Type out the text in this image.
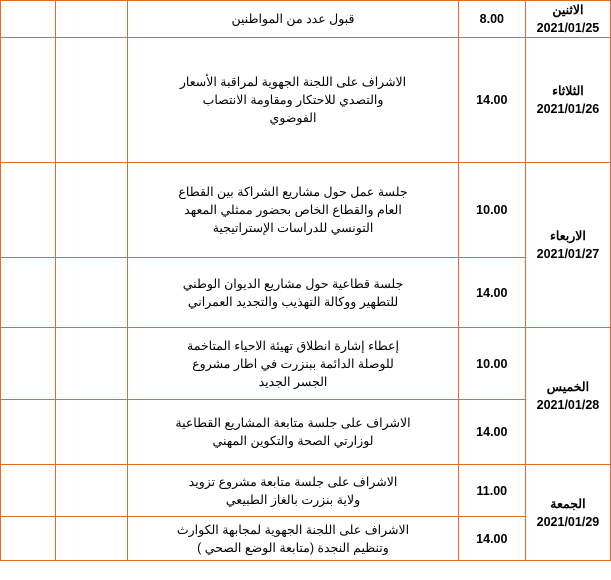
الاثنين
2021/01/25	8.00	قبول عدد من المواطنين		

الثلاثاء
2021/01/26	14.00	الاشراف على اللجنة الجهوية لمراقبة الأسعار
والتصدي للاحتكار ومقاومة الانتصاب
الفوضوي		

الاربعاء
2021/01/27	10.00	جلسة عمل حول مشاريع الشراكة بين القطاع
العام والقطاع الخاص بحضور ممثلي المعهد
التونسي للدراسات الإستراتيجية		

	14.00	جلسة قطاعية حول مشاريع الديوان الوطني
للتطهير ووكالة التهذيب والتجديد العمراني		

الخميس
2021/01/28	10.00	إعطاء إشارة انطلاق تهيئة الاحياء المتاخمة
للوصلة الدائمة ببنزرت في اطار مشروع
الجسر الجديد		

	14.00	الاشراف على جلسة متابعة المشاريع القطاعية
لوزارتي الصحة والتكوين المهني		

الجمعة
2021/01/29	11.00	الاشراف على جلسة متابعة مشروع تزويد
ولاية بنزرت بالغاز الطبيعي		

	14.00	الاشراف على اللجنة الجهوية لمجابهة الكوارث
وتنظيم النجدة (متابعة الوضع الصحي )		
